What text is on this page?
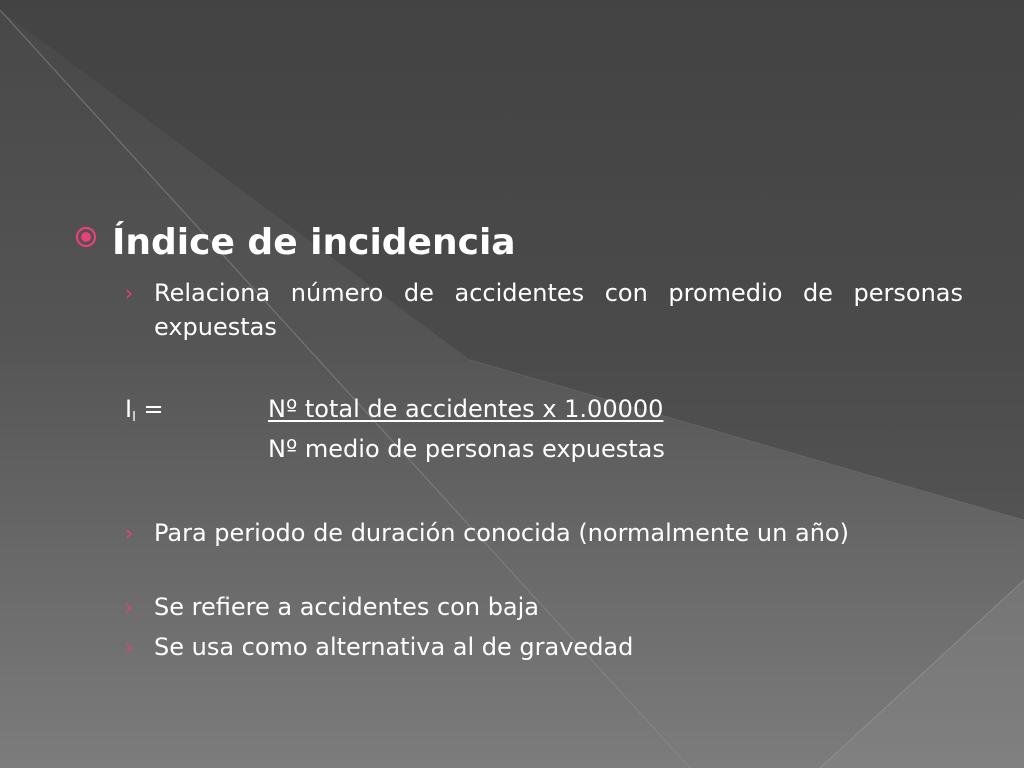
Índice de incidencia
› Relaciona número de accidentes con promedio de personas expuestas
$I_I$ =	Nº total de accidentes x 1.00000
Nº medio de personas expuestas
› Para periodo de duración conocida (normalmente un año)
› Se refiere a accidentes con baja
› Se usa como alternativa al de gravedad
